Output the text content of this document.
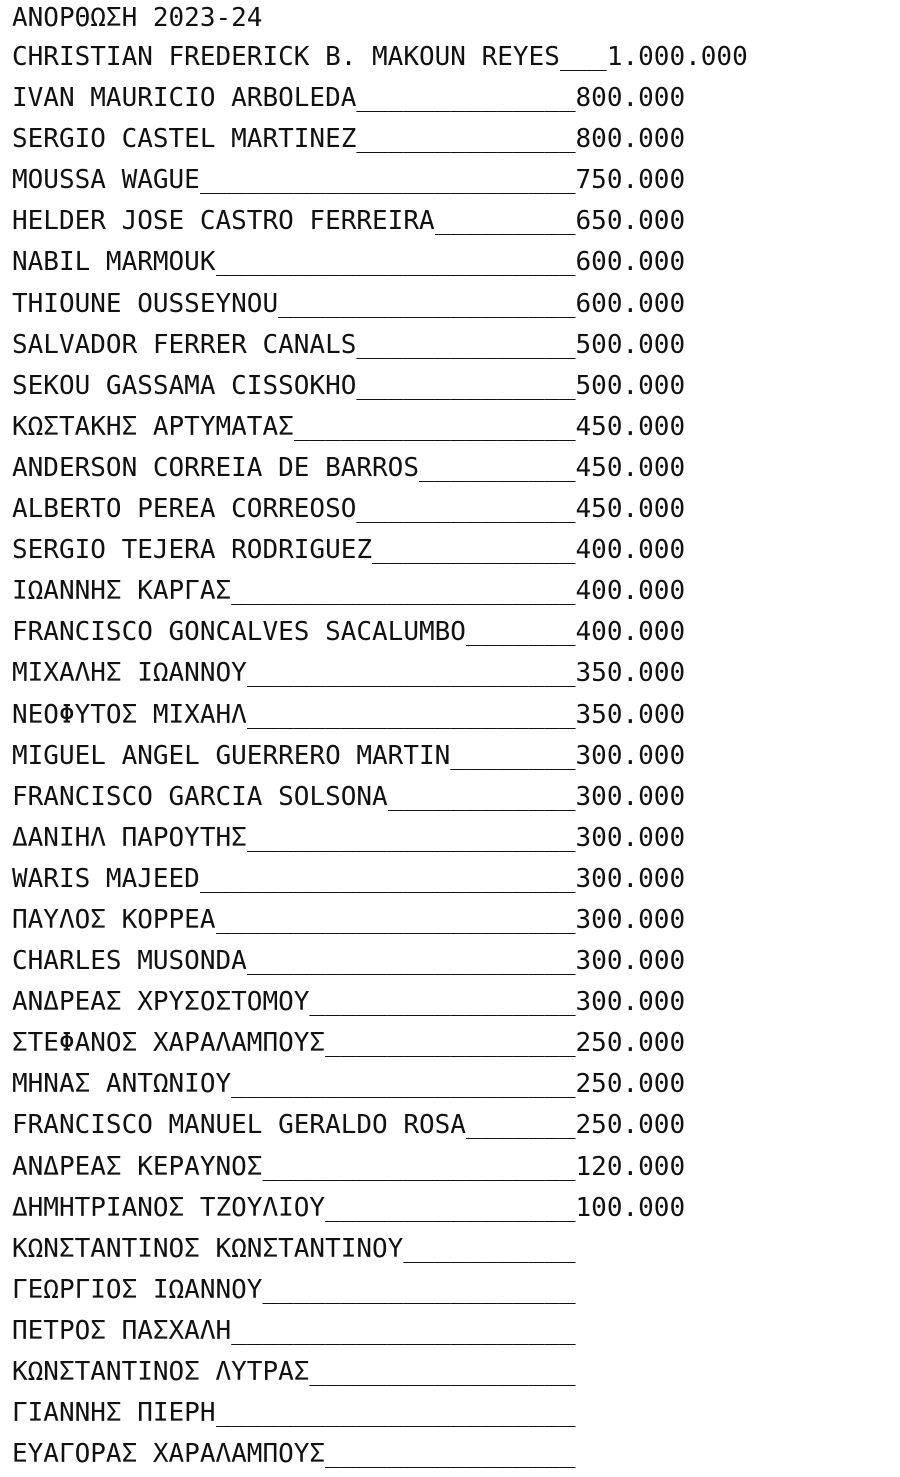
ΑΝΟΡΘΩΣΗ 2023-24
CHRISTIAN FREDERICK B. MAKOUN REYES ___ 1.000.000
IVAN MAURICIO ARBOLEDA ______________ 800.000
SERGIO CASTEL MARTINEZ ______________ 800.000
MOUSSA WAGUE ________________________ 750.000
HELDER JOSE CASTRO FERREIRA _________ 650.000
NABIL MARMOUK _______________________ 600.000
THIOUNE OUSSEYNOU ___________________ 600.000
SALVADOR FERRER CANALS ______________ 500.000
SEKOU GASSAMA CISSOKHO ______________ 500.000
ΚΩΣΤΑΚΗΣ ΑΡΤΥΜΑΤΑΣ __________________ 450.000
ANDERSON CORREIA DE BARROS __________ 450.000
ALBERTO PEREA CORREOSO ______________ 450.000
SERGIO TEJERA RODRIGUEZ _____________ 400.000
ΙΩΑΝΝΗΣ ΚΑΡΓΑΣ ______________________ 400.000
FRANCISCO GONCALVES SACALUMBO _______ 400.000
ΜΙΧΑΛΗΣ ΙΩΑΝΝΟΥ _____________________ 350.000
ΝΕΟΦΥΤΟΣ ΜΙΧΑΗΛ _____________________ 350.000
MIGUEL ANGEL GUERRERO MARTIN ________ 300.000
FRANCISCO GARCIA SOLSONA ____________ 300.000
ΔΑΝΙΗΛ ΠΑΡΟΥΤΗΣ _____________________ 300.000
WARIS MAJEED ________________________ 300.000
ΠΑΥΛΟΣ ΚΟΡΡΕΑ _______________________ 300.000
CHARLES MUSONDA _____________________ 300.000
ΑΝΔΡΕΑΣ ΧΡΥΣΟΣΤΟΜΟΥ _________________ 300.000
ΣΤΕΦΑΝΟΣ ΧΑΡΑΛΑΜΠΟΥΣ ________________ 250.000
ΜΗΝΑΣ ΑΝΤΩΝΙΟΥ ______________________ 250.000
FRANCISCO MANUEL GERALDO ROSA _______ 250.000
ΑΝΔΡΕΑΣ ΚΕΡΑΥΝΟΣ ____________________ 120.000
ΔΗΜΗΤΡΙΑΝΟΣ ΤΖΟΥΛΙΟΥ ________________ 100.000
ΚΩΝΣΤΑΝΤΙΝΟΣ ΚΩΝΣΤΑΝΤΙΝΟΥ ___________
ΓΕΩΡΓΙΟΣ ΙΩΑΝΝΟΥ ____________________
ΠΕΤΡΟΣ ΠΑΣΧΑΛΗ ______________________
ΚΩΝΣΤΑΝΤΙΝΟΣ ΛΥΤΡΑΣ _________________
ΓΙΑΝΝΗΣ ΠΙΕΡΗ _______________________
ΕΥΑΓΟΡΑΣ ΧΑΡΑΛΑΜΠΟΥΣ ________________
